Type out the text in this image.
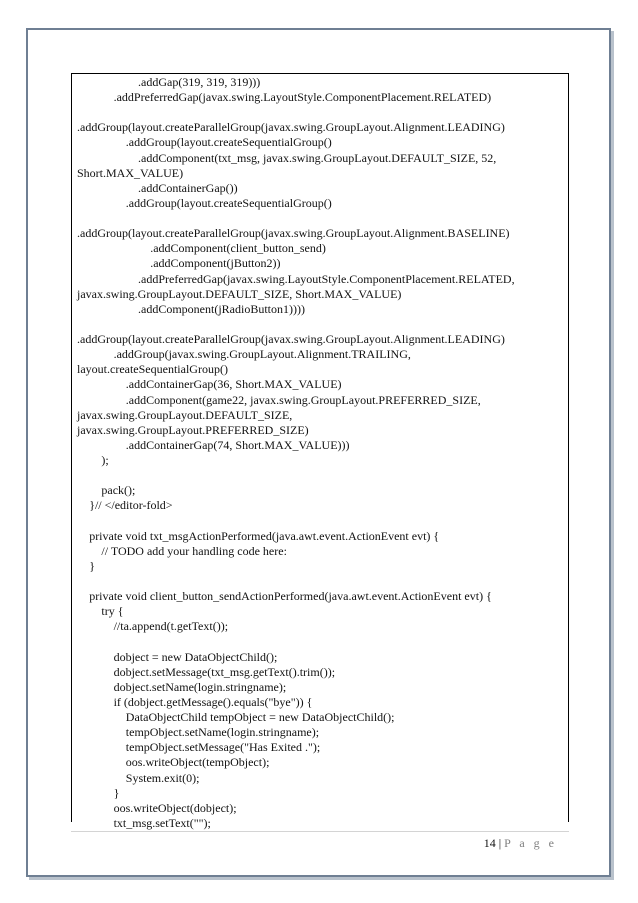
.addGap(319, 319, 319)))
.addPreferredGap(javax.swing.LayoutStyle.ComponentPlacement.RELATED)
.addGroup(layout.createParallelGroup(javax.swing.GroupLayout.Alignment.LEADING)
.addGroup(layout.createSequentialGroup()
.addComponent(txt_msg, javax.swing.GroupLayout.DEFAULT_SIZE, 52,
Short.MAX_VALUE)
.addContainerGap())
.addGroup(layout.createSequentialGroup()
.addGroup(layout.createParallelGroup(javax.swing.GroupLayout.Alignment.BASELINE)
.addComponent(client_button_send)
.addComponent(jButton2))
.addPreferredGap(javax.swing.LayoutStyle.ComponentPlacement.RELATED,
javax.swing.GroupLayout.DEFAULT_SIZE, Short.MAX_VALUE)
.addComponent(jRadioButton1))))
.addGroup(layout.createParallelGroup(javax.swing.GroupLayout.Alignment.LEADING)
.addGroup(javax.swing.GroupLayout.Alignment.TRAILING,
layout.createSequentialGroup()
.addContainerGap(36, Short.MAX_VALUE)
.addComponent(game22, javax.swing.GroupLayout.PREFERRED_SIZE,
javax.swing.GroupLayout.DEFAULT_SIZE,
javax.swing.GroupLayout.PREFERRED_SIZE)
.addContainerGap(74, Short.MAX_VALUE)))
);
pack();
}// </editor-fold>
private void txt_msgActionPerformed(java.awt.event.ActionEvent evt) {
// TODO add your handling code here:
}
private void client_button_sendActionPerformed(java.awt.event.ActionEvent evt) {
try {
//ta.append(t.getText());
dobject = new DataObjectChild();
dobject.setMessage(txt_msg.getText().trim());
dobject.setName(login.stringname);
if (dobject.getMessage().equals("bye")) {
DataObjectChild tempObject = new DataObjectChild();
tempObject.setName(login.stringname);
tempObject.setMessage("Has Exited .");
oos.writeObject(tempObject);
System.exit(0);
}
oos.writeObject(dobject);
txt_msg.setText("");
14 | P a g e
